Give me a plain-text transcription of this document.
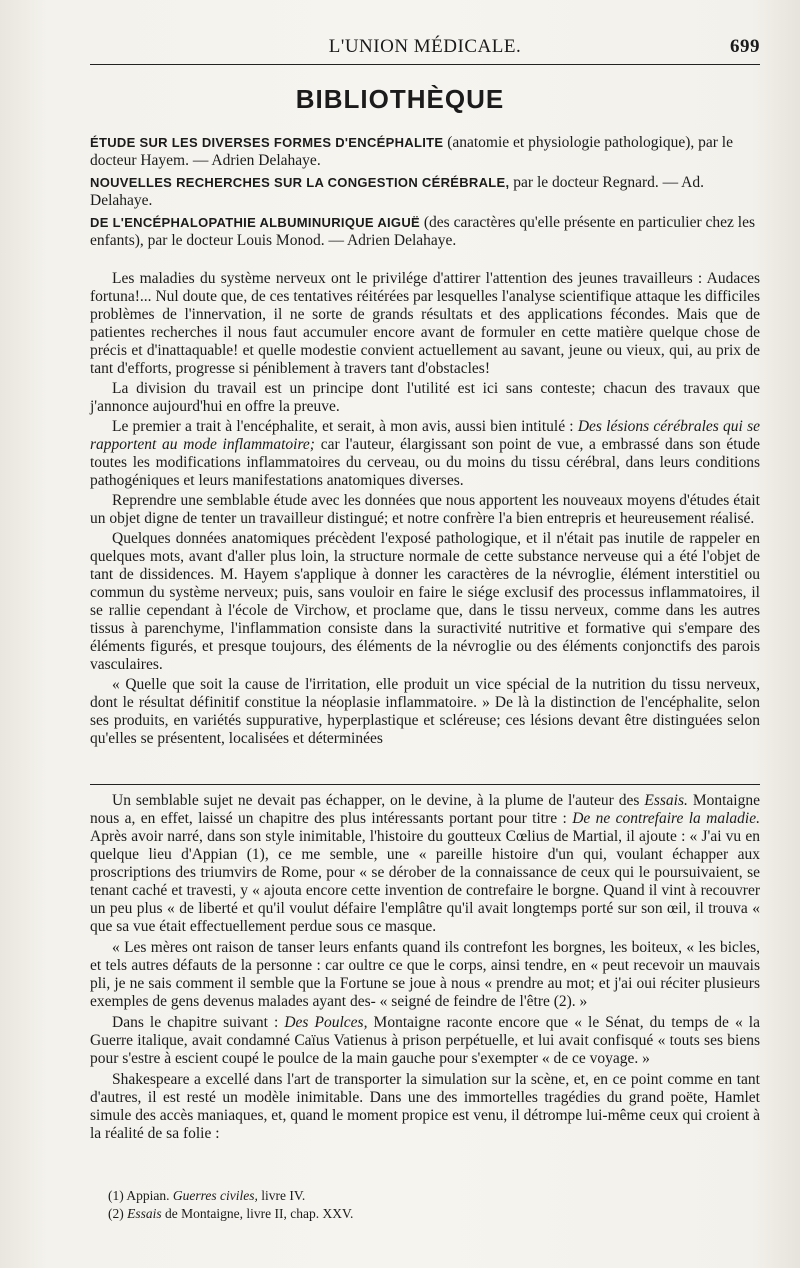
L'UNION MÉDICALE.	699
BIBLIOTHÈQUE
ÉTUDE SUR LES DIVERSES FORMES D'ENCÉPHALITE (anatomie et physiologie pathologique), par le docteur Hayem. — Adrien Delahaye.
NOUVELLES RECHERCHES SUR LA CONGESTION CÉRÉBRALE, par le docteur Regnard. — Ad. Delahaye.
DE L'ENCÉPHALOPATHIE ALBUMINURIQUE AIGUË (des caractères qu'elle présente en particulier chez les enfants), par le docteur Louis Monod. — Adrien Delahaye.

Les maladies du système nerveux ont le privilége d'attirer l'attention des jeunes travailleurs : Audaces fortuna!... Nul doute que, de ces tentatives réitérées par lesquelles l'analyse scientifique attaque les difficiles problèmes de l'innervation, il ne sorte de grands résultats et des applications fécondes. Mais que de patientes recherches il nous faut accumuler encore avant de formuler en cette matière quelque chose de précis et d'inattaquable! et quelle modestie convient actuellement au savant, jeune ou vieux, qui, au prix de tant d'efforts, progresse si péniblement à travers tant d'obstacles!

La division du travail est un principe dont l'utilité est ici sans conteste; chacun des travaux que j'annonce aujourd'hui en offre la preuve.

Le premier a trait à l'encéphalite, et serait, à mon avis, aussi bien intitulé : Des lésions cérébrales qui se rapportent au mode inflammatoire; car l'auteur, élargissant son point de vue, a embrassé dans son étude toutes les modifications inflammatoires du cerveau, ou du moins du tissu cérébral, dans leurs conditions pathogéniques et leurs manifestations anatomiques diverses.

Reprendre une semblable étude avec les données que nous apportent les nouveaux moyens d'études était un objet digne de tenter un travailleur distingué; et notre confrère l'a bien entrepris et heureusement réalisé.

Quelques données anatomiques précèdent l'exposé pathologique, et il n'était pas inutile de rappeler en quelques mots, avant d'aller plus loin, la structure normale de cette substance nerveuse qui a été l'objet de tant de dissidences. M. Hayem s'applique à donner les caractères de la névroglie, élément interstitiel ou commun du système nerveux; puis, sans vouloir en faire le siége exclusif des processus inflammatoires, il se rallie cependant à l'école de Virchow, et proclame que, dans le tissu nerveux, comme dans les autres tissus à parenchyme, l'inflammation consiste dans la suractivité nutritive et formative qui s'empare des éléments figurés, et presque toujours, des éléments de la névroglie ou des éléments conjonctifs des parois vasculaires.

« Quelle que soit la cause de l'irritation, elle produit un vice spécial de la nutrition du tissu nerveux, dont le résultat définitif constitue la néoplasie inflammatoire. » De là la distinction de l'encéphalite, selon ses produits, en variétés suppurative, hyperplastique et scléreuse; ces lésions devant être distinguées selon qu'elles se présentent, localisées et déterminées

Un semblable sujet ne devait pas échapper, on le devine, à la plume de l'auteur des Essais. Montaigne nous a, en effet, laissé un chapitre des plus intéressants portant pour titre : De ne contrefaire la maladie. Après avoir narré, dans son style inimitable, l'histoire du goutteux Cœlius de Martial, il ajoute : « J'ai vu en quelque lieu d'Appian (1), ce me semble, une « pareille histoire d'un qui, voulant échapper aux proscriptions des triumvirs de Rome, pour « se dérober de la connaissance de ceux qui le poursuivaient, se tenant caché et travesti, y « ajouta encore cette invention de contrefaire le borgne. Quand il vint à recouvrer un peu plus « de liberté et qu'il voulut défaire l'emplâtre qu'il avait longtemps porté sur son œil, il trouva « que sa vue était effectuellement perdue sous ce masque.

« Les mères ont raison de tanser leurs enfants quand ils contrefont les borgnes, les boiteux, « les bicles, et tels autres défauts de la personne : car oultre ce que le corps, ainsi tendre, en « peut recevoir un mauvais pli, je ne sais comment il semble que la Fortune se joue à nous « prendre au mot; et j'ai oui réciter plusieurs exemples de gens devenus malades ayant des- « seigné de feindre de l'être (2). »

Dans le chapitre suivant : Des Poulces, Montaigne raconte encore que « le Sénat, du temps de « la Guerre italique, avait condamné Caïus Vatienus à prison perpétuelle, et lui avait confisqué « touts ses biens pour s'estre à escient coupé le poulce de la main gauche pour s'exempter « de ce voyage. »

Shakespeare a excellé dans l'art de transporter la simulation sur la scène, et, en ce point comme en tant d'autres, il est resté un modèle inimitable. Dans une des immortelles tragédies du grand poëte, Hamlet simule des accès maniaques, et, quand le moment propice est venu, il détrompe lui-même ceux qui croient à la réalité de sa folie :

(1) Appian. Guerres civiles, livre IV.
(2) Essais de Montaigne, livre II, chap. XXV.
